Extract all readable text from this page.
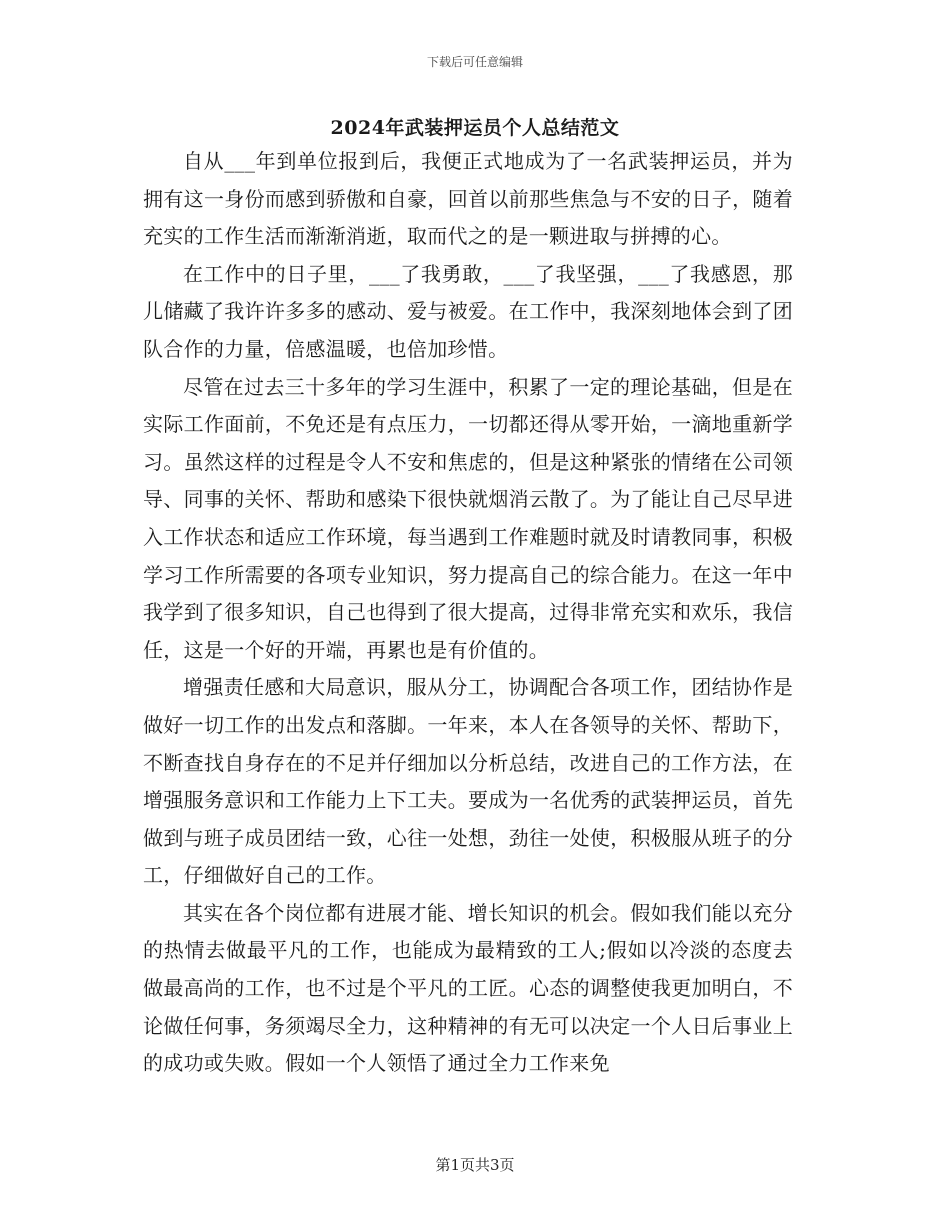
下载后可任意编辑
2024年武装押运员个人总结范文

自从___年到单位报到后，我便正式地成为了一名武装押运员，并为拥有这一身份而感到骄傲和自豪，回首以前那些焦急与不安的日子，随着充实的工作生活而渐渐消逝，取而代之的是一颗进取与拼搏的心。

在工作中的日子里，___了我勇敢，___了我坚强，___了我感恩，那儿储藏了我许许多多的感动、爱与被爱。在工作中，我深刻地体会到了团队合作的力量，倍感温暖，也倍加珍惜。

尽管在过去三十多年的学习生涯中，积累了一定的理论基础，但是在实际工作面前，不免还是有点压力，一切都还得从零开始，一滴地重新学习。虽然这样的过程是令人不安和焦虑的，但是这种紧张的情绪在公司领导、同事的关怀、帮助和感染下很快就烟消云散了。为了能让自己尽早进入工作状态和适应工作环境，每当遇到工作难题时就及时请教同事，积极学习工作所需要的各项专业知识，努力提高自己的综合能力。在这一年中我学到了很多知识，自己也得到了很大提高，过得非常充实和欢乐，我信任，这是一个好的开端，再累也是有价值的。

增强责任感和大局意识，服从分工，协调配合各项工作，团结协作是做好一切工作的出发点和落脚。一年来，本人在各领导的关怀、帮助下，不断查找自身存在的不足并仔细加以分析总结，改进自己的工作方法，在增强服务意识和工作能力上下工夫。要成为一名优秀的武装押运员，首先做到与班子成员团结一致，心往一处想，劲往一处使，积极服从班子的分工，仔细做好自己的工作。

其实在各个岗位都有进展才能、增长知识的机会。假如我们能以充分的热情去做最平凡的工作，也能成为最精致的工人;假如以冷淡的态度去做最高尚的工作，也不过是个平凡的工匠。心态的调整使我更加明白，不论做任何事，务须竭尽全力，这种精神的有无可以决定一个人日后事业上的成功或失败。假如一个人领悟了通过全力工作来免

第1页共3页
